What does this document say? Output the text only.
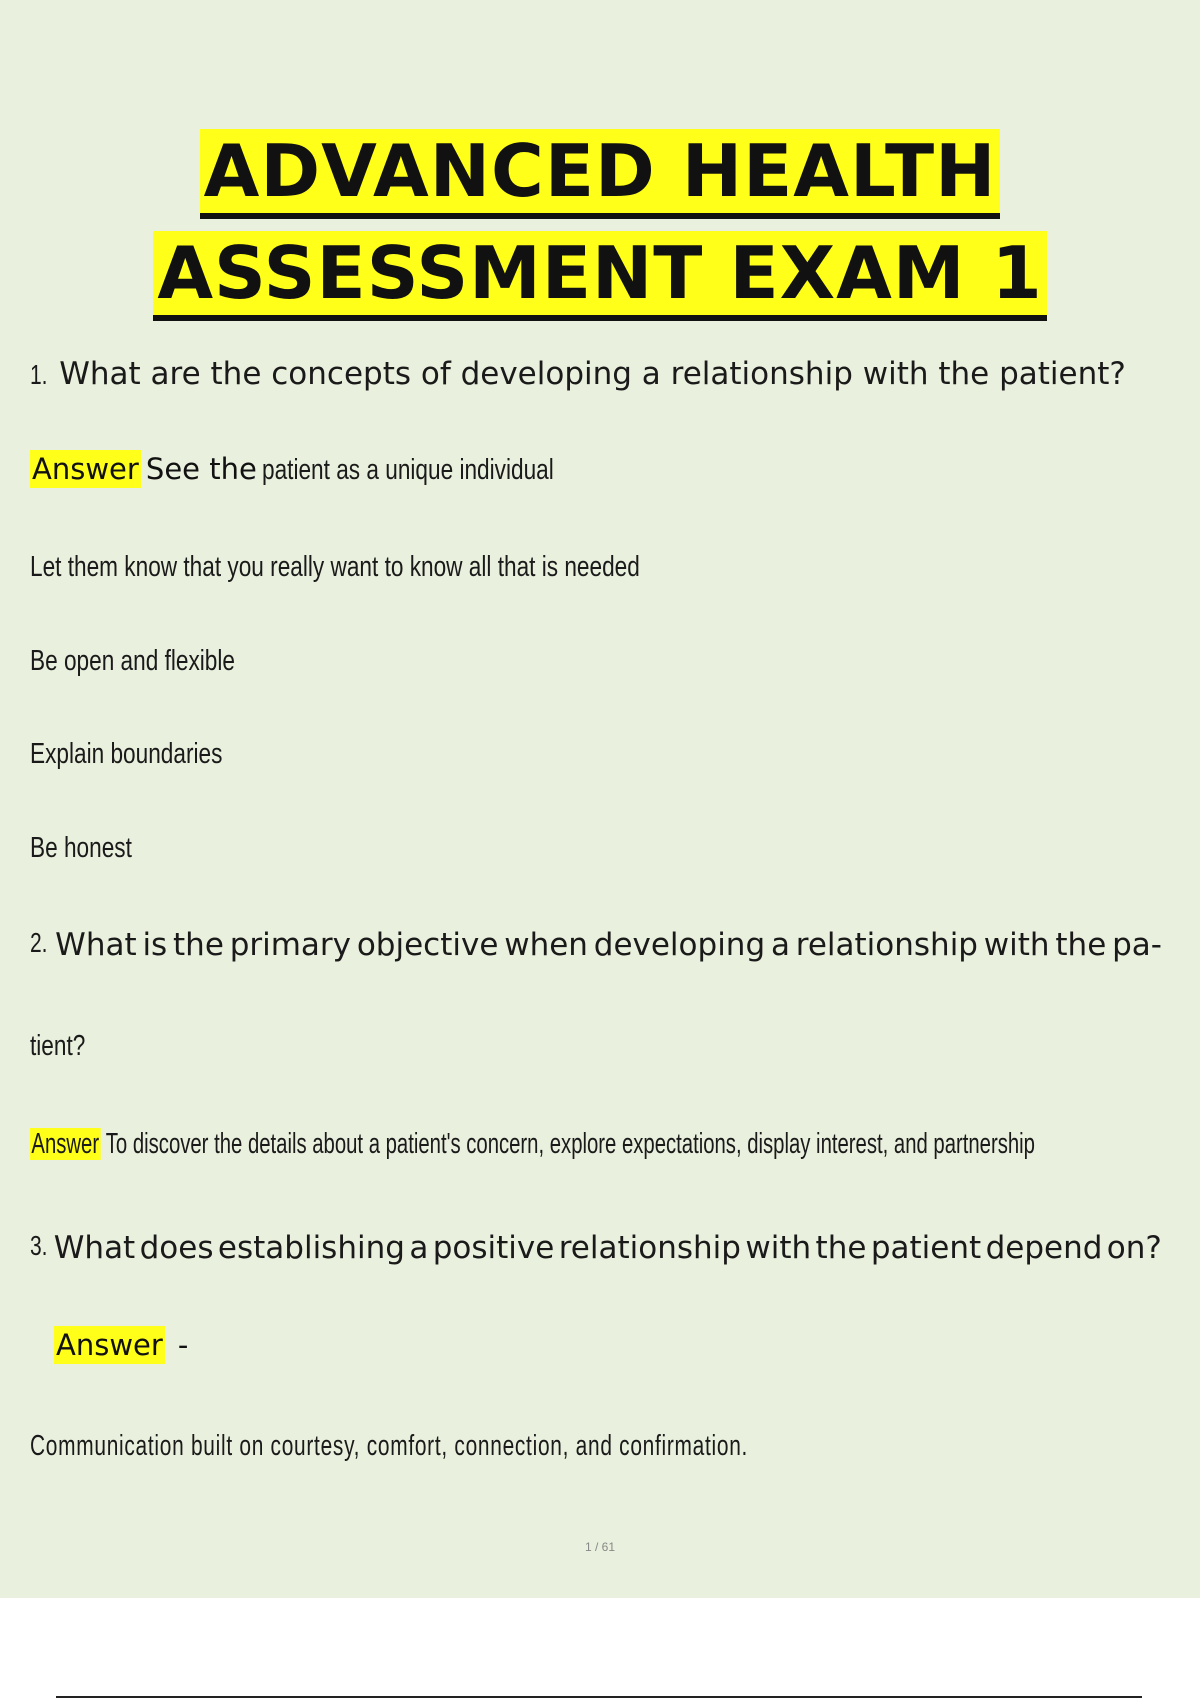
ADVANCED HEALTH
ASSESSMENT EXAM 1
1. What are the concepts of developing a relationship with the patient?
Answer See the patient as a unique individual
Let them know that you really want to know all that is needed
Be open and flexible
Explain boundaries
Be honest
2. What is the primary objective when developing a relationship with the pa-
tient?
Answer To discover the details about a patient's concern, explore expectations, display interest, and partnership
3. What does establishing a positive relationship with the patient depend on?
Answer -
Communication built on courtesy, comfort, connection, and confirmation.
1 / 61
